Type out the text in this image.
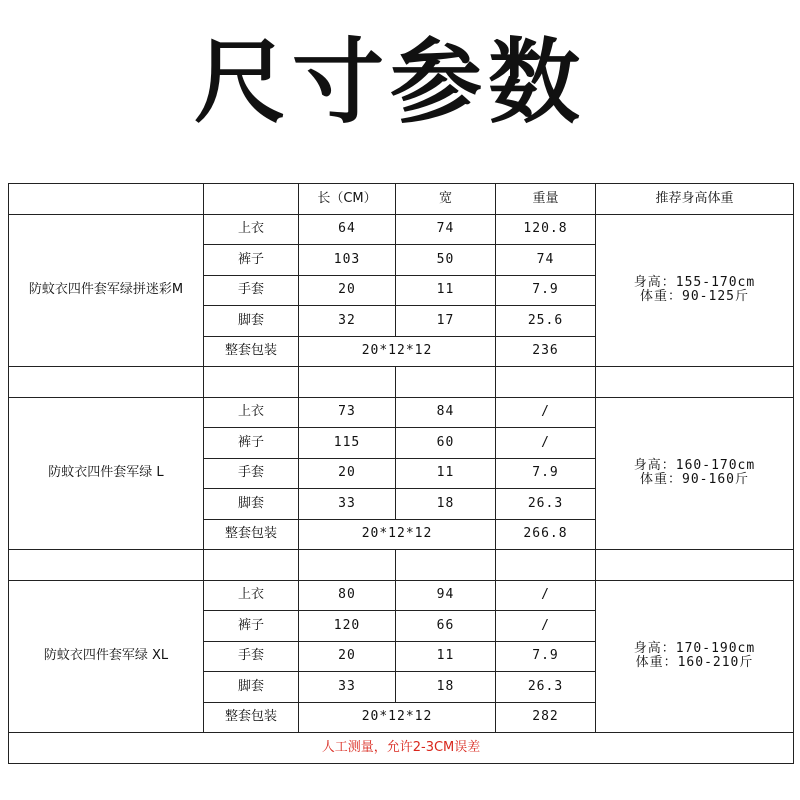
尺寸参数
		长（CM）	宽	重量	推荐身高体重
防蚊衣四件套军绿拼迷彩M	上衣	64	74	120.8	身高：155-170cm
体重：90-125斤

	裤子	103	50	74	
	手套	20	11	7.9	
	脚套	32	17	25.6	
	整套包装	20*12*12		236	

防蚊衣四件套军绿 L	上衣	73	84	/	身高：160-170cm
体重：90-160斤

	裤子	115	60	/	
	手套	20	11	7.9	
	脚套	33	18	26.3	
	整套包装	20*12*12		266.8	

防蚊衣四件套军绿 XL	上衣	80	94	/	身高：170-190cm
体重：160-210斤

	裤子	120	66	/	
	手套	20	11	7.9	
	脚套	33	18	26.3	
	整套包装	20*12*12		282	
人工测量，允许2-3CM误差					
